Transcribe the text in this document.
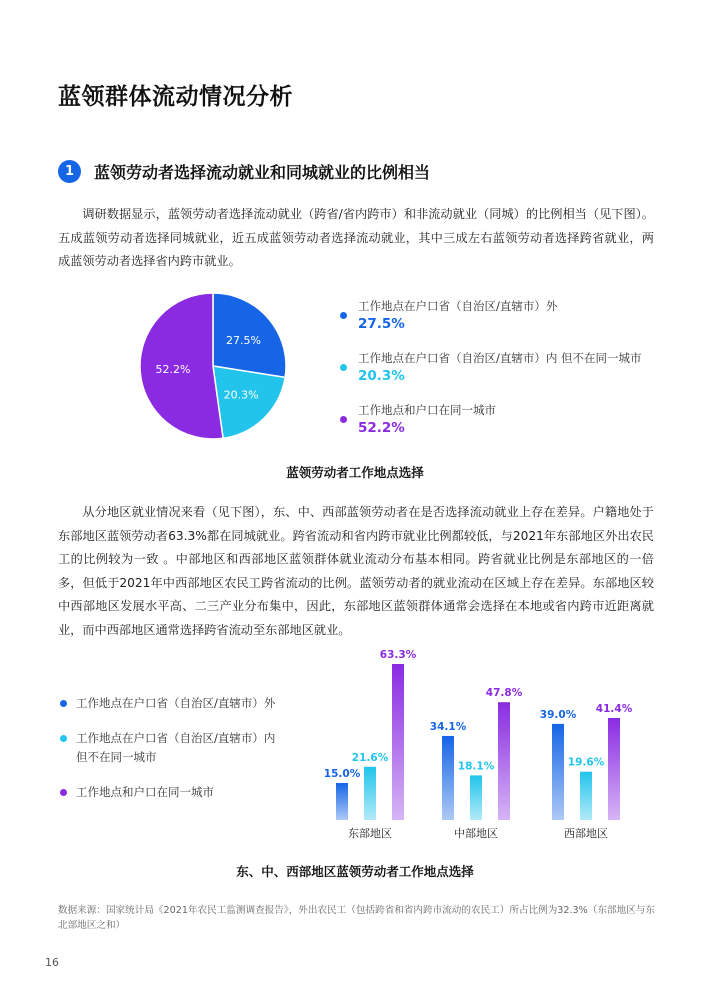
蓝领群体流动情况分析
1	蓝领劳动者选择流动就业和同城就业的比例相当

调研数据显示，蓝领劳动者选择流动就业（跨省/省内跨市）和非流动就业（同城）的比例相当（见下图）。五成蓝领劳动者选择同城就业，近五成蓝领劳动者选择流动就业，其中三成左右蓝领劳动者选择跨省就业，两成蓝领劳动者选择省内跨市就业。

27.5%
20.3%
52.2%
工作地点在户口省（自治区/直辖市）外
27.5%
工作地点在户口省（自治区/直辖市）内 但不在同一城市
20.3%
工作地点和户口在同一城市
52.2%

蓝领劳动者工作地点选择

从分地区就业情况来看（见下图），东、中、西部蓝领劳动者在是否选择流动就业上存在差异。户籍地处于东部地区蓝领劳动者63.3%都在同城就业。跨省流动和省内跨市就业比例都较低，与2021年东部地区外出农民工的比例较为一致 。中部地区和西部地区蓝领群体就业流动分布基本相同。跨省就业比例是东部地区的一倍多，但低于2021年中西部地区农民工跨省流动的比例。蓝领劳动者的就业流动在区域上存在差异。东部地区较中西部地区发展水平高、二三产业分布集中，因此，东部地区蓝领群体通常会选择在本地或省内跨市近距离就业，而中西部地区通常选择跨省流动至东部地区就业。

工作地点在户口省（自治区/直辖市）外
工作地点在户口省（自治区/直辖市）内但不在同一城市
工作地点和户口在同一城市
15.0%
21.6%
63.3%
东部地区
34.1%
18.1%
47.8%
中部地区
39.0%
19.6%
41.4%
西部地区

东、中、西部地区蓝领劳动者工作地点选择

数据来源：国家统计局《2021年农民工监测调查报告》，外出农民工（包括跨省和省内跨市流动的农民工）所占比例为32.3%（东部地区与东北部地区之和）

16
